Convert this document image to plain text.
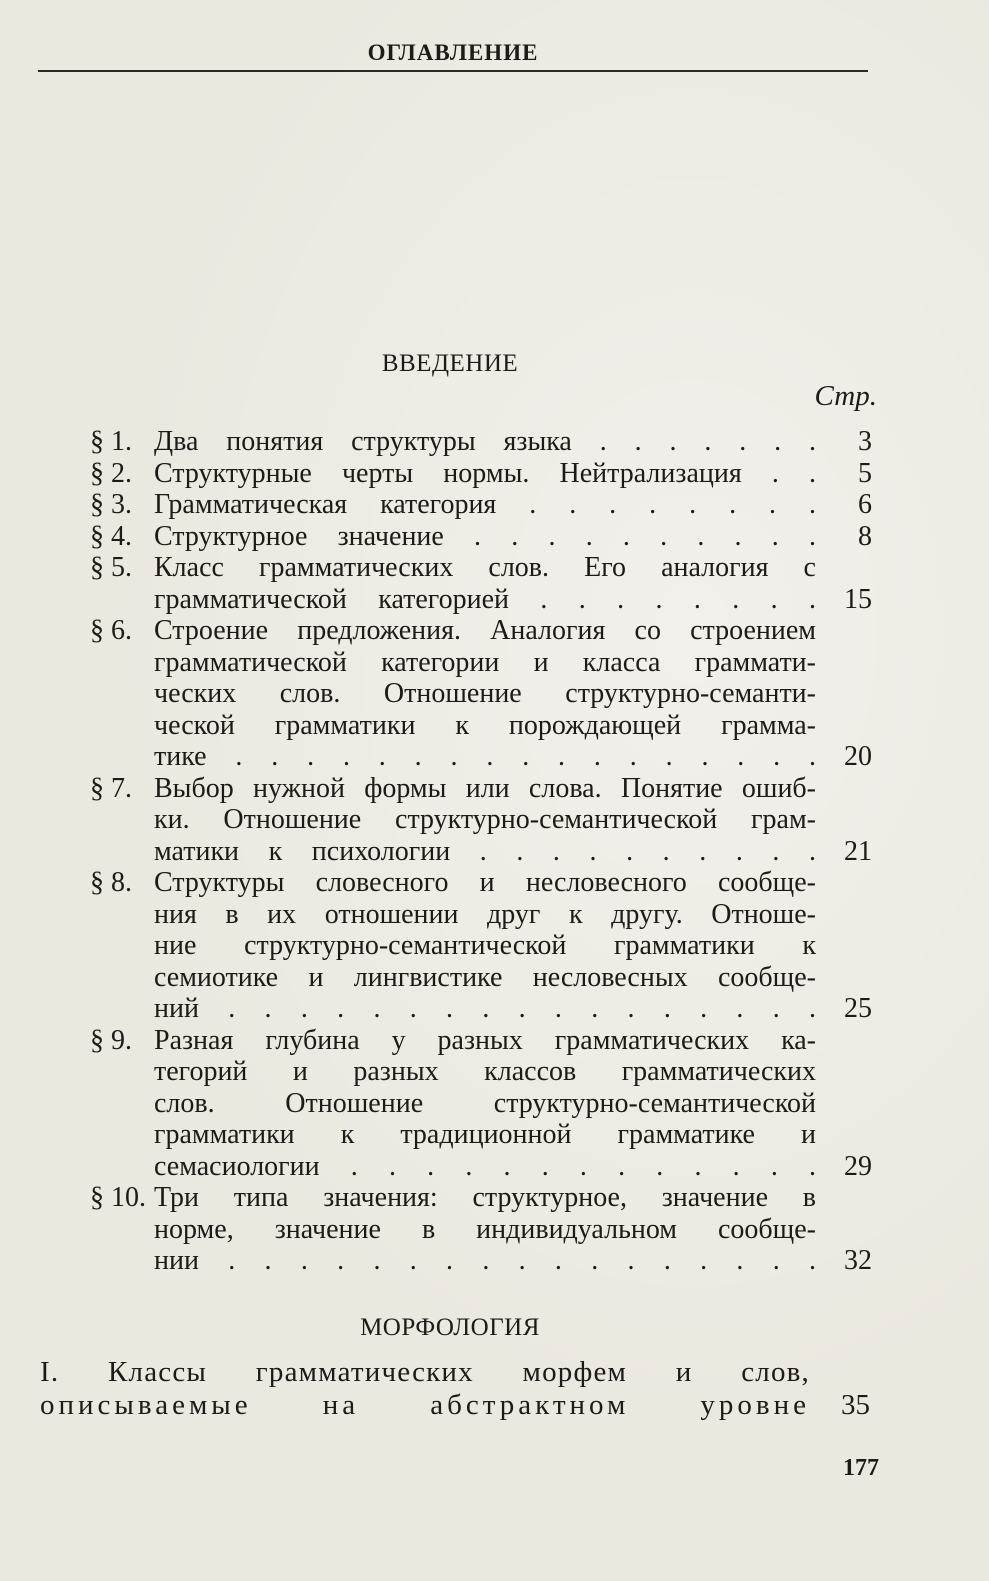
ОГЛАВЛЕНИЕ
ВВЕДЕНИЕ
Стр.
§ 1. Два понятия структуры языка . . . . . . .	3
§ 2. Структурные черты нормы. Нейтрализация . .	5
§ 3. Грамматическая категория . . . . . . . .	6
§ 4. Структурное значение . . . . . . . . . .	8
§ 5. Класс грамматических слов. Его аналогия с
грамматической категорией . . . . . . . .	15
§ 6. Строение предложения. Аналогия со строением
грамматической категории и класса граммати-
ческих слов. Отношение структурно-семанти-
ческой грамматики к порождающей грамма-
тике . . . . . . . . . . . . . . . . .	20
§ 7. Выбор нужной формы или слова. Понятие ошиб-
ки. Отношение структурно-семантической грам-
матики к психологии . . . . . . . . . .	21
§ 8. Структуры словесного и несловесного сообще-
ния в их отношении друг к другу. Отноше-
ние структурно-семантической грамматики к
семиотике и лингвистике несловесных сообще-
ний . . . . . . . . . . . . . . . . .	25
§ 9. Разная глубина у разных грамматических ка-
тегорий и разных классов грамматических
слов. Отношение структурно-семантической
грамматики к традиционной грамматике и
семасиологии . . . . . . . . . . . . .	29
§ 10. Три типа значения: структурное, значение в
норме, значение в индивидуальном сообще-
нии . . . . . . . . . . . . . . . . .	32
МОРФОЛОГИЯ
I. Классы грамматических морфем и слов,
описываемые на абстрактном уровне	35
177
